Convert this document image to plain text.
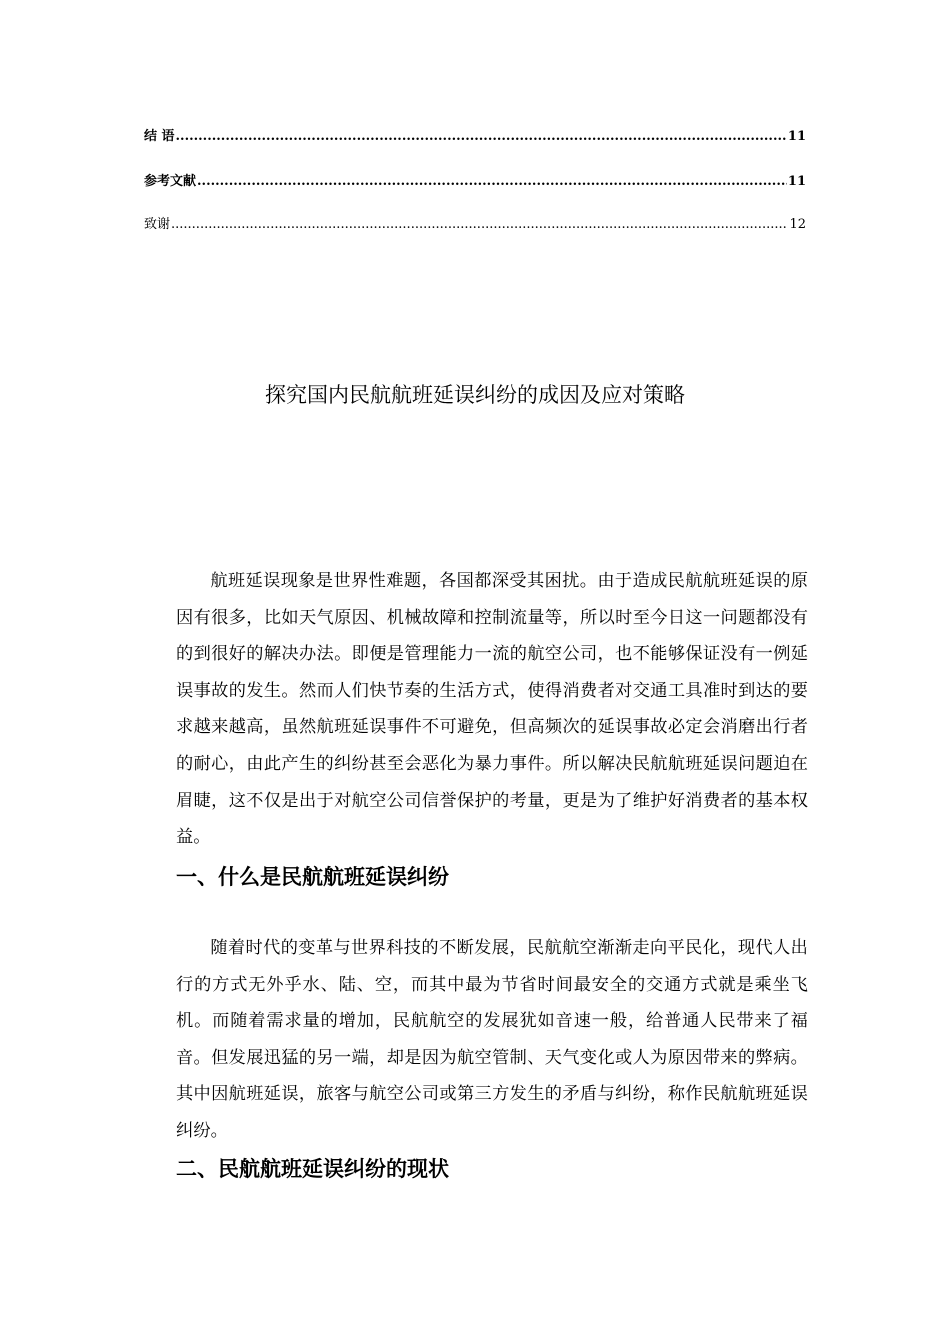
结 语 .....	11
参考文献 .....	11
致谢 .....	12
探究国内民航航班延误纠纷的成因及应对策略

航班延误现象是世界性难题，各国都深受其困扰。由于造成民航航班延误的原因有很多，比如天气原因、机械故障和控制流量等，所以时至今日这一问题都没有的到很好的解决办法。即便是管理能力一流的航空公司，也不能够保证没有一例延误事故的发生。然而人们快节奏的生活方式，使得消费者对交通工具准时到达的要求越来越高，虽然航班延误事件不可避免，但高频次的延误事故必定会消磨出行者的耐心，由此产生的纠纷甚至会恶化为暴力事件。所以解决民航航班延误问题迫在眉睫，这不仅是出于对航空公司信誉保护的考量，更是为了维护好消费者的基本权益。

一、什么是民航航班延误纠纷

随着时代的变革与世界科技的不断发展，民航航空渐渐走向平民化，现代人出行的方式无外乎水、陆、空，而其中最为节省时间最安全的交通方式就是乘坐飞机。而随着需求量的增加，民航航空的发展犹如音速一般，给普通人民带来了福音。但发展迅猛的另一端，却是因为航空管制、天气变化或人为原因带来的弊病。其中因航班延误，旅客与航空公司或第三方发生的矛盾与纠纷，称作民航航班延误纠纷。

二、民航航班延误纠纷的现状
